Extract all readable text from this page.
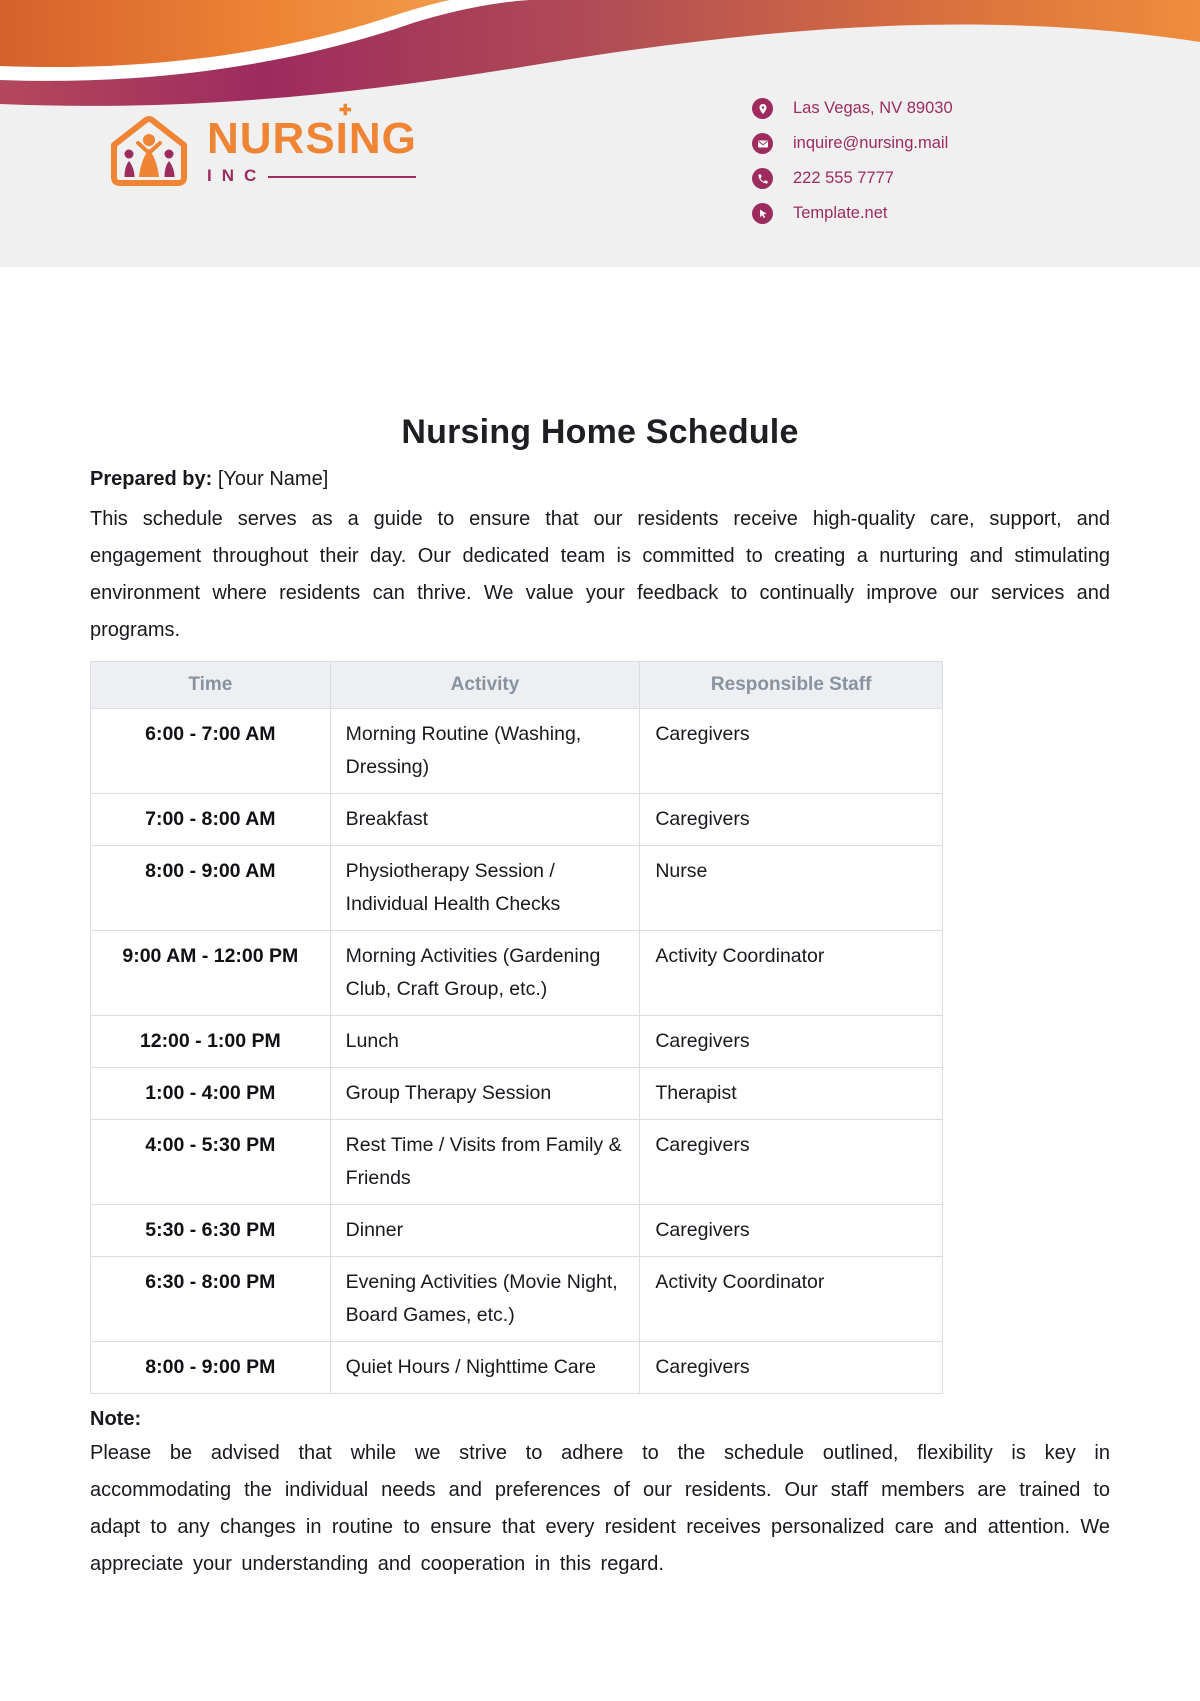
NURSING
✚
INC
Las Vegas, NV 89030
inquire@nursing.mail
222 555 7777
Template.net
Nursing Home Schedule

Prepared by: [Your Name]

This schedule serves as a guide to ensure that our residents receive high-quality care, support, and engagement throughout their day. Our dedicated team is committed to creating a nurturing and stimulating environment where residents can thrive. We value your feedback to continually improve our services and programs.

Time	Activity	Responsible Staff
6:00 - 7:00 AM	Morning Routine (Washing, Dressing)	Caregivers
7:00 - 8:00 AM	Breakfast	Caregivers
8:00 - 9:00 AM	Physiotherapy Session / Individual Health Checks	Nurse
9:00 AM - 12:00 PM	Morning Activities (Gardening Club, Craft Group, etc.)	Activity Coordinator
12:00 - 1:00 PM	Lunch	Caregivers
1:00 - 4:00 PM	Group Therapy Session	Therapist
4:00 - 5:30 PM	Rest Time / Visits from Family & Friends	Caregivers
5:30 - 6:30 PM	Dinner	Caregivers
6:30 - 8:00 PM	Evening Activities (Movie Night, Board Games, etc.)	Activity Coordinator
8:00 - 9:00 PM	Quiet Hours / Nighttime Care	Caregivers

Note:

Please be advised that while we strive to adhere to the schedule outlined, flexibility is key in accommodating the individual needs and preferences of our residents. Our staff members are trained to adapt to any changes in routine to ensure that every resident receives personalized care and attention. We appreciate your understanding and cooperation in this regard.
